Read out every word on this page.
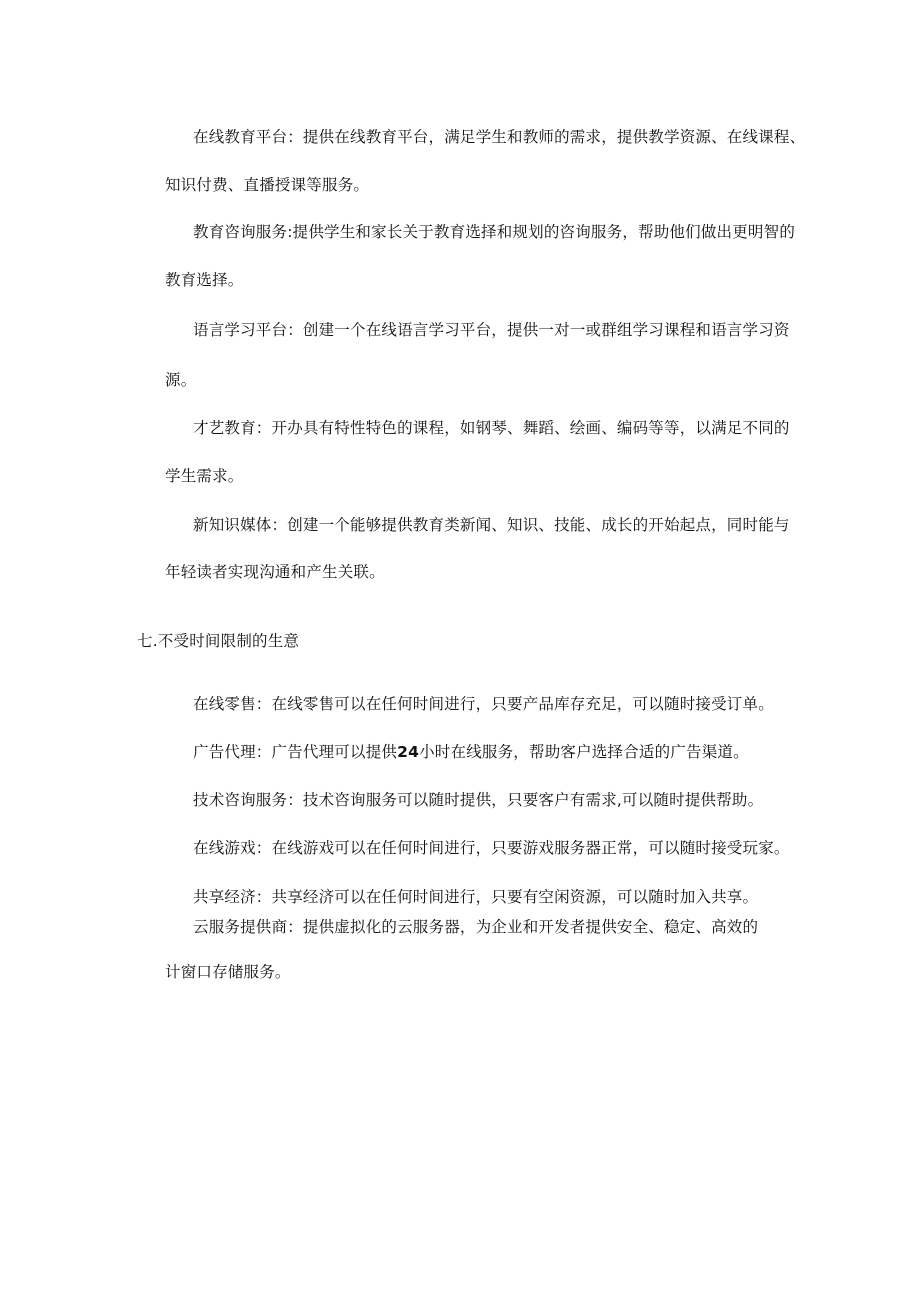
在线教育平台：提供在线教育平台，满足学生和教师的需求，提供教学资源、在线课程、
知识付费、直播授课等服务。
教育咨询服务:提供学生和家长关于教育选择和规划的咨询服务，帮助他们做出更明智的
教育选择。
语言学习平台：创建一个在线语言学习平台，提供一对一或群组学习课程和语言学习资
源。
才艺教育：开办具有特性特色的课程，如钢琴、舞蹈、绘画、编码等等，以满足不同的
学生需求。
新知识媒体：创建一个能够提供教育类新闻、知识、技能、成长的开始起点，同时能与
年轻读者实现沟通和产生关联。
七.不受时间限制的生意
在线零售：在线零售可以在任何时间进行，只要产品库存充足，可以随时接受订单。
广告代理：广告代理可以提供24小时在线服务，帮助客户选择合适的广告渠道。
技术咨询服务：技术咨询服务可以随时提供，只要客户有需求,可以随时提供帮助。
在线游戏：在线游戏可以在任何时间进行，只要游戏服务器正常，可以随时接受玩家。
共享经济：共享经济可以在任何时间进行，只要有空闲资源，可以随时加入共享。
云服务提供商：提供虚拟化的云服务器，为企业和开发者提供安全、稳定、高效的
计窗口存储服务。
